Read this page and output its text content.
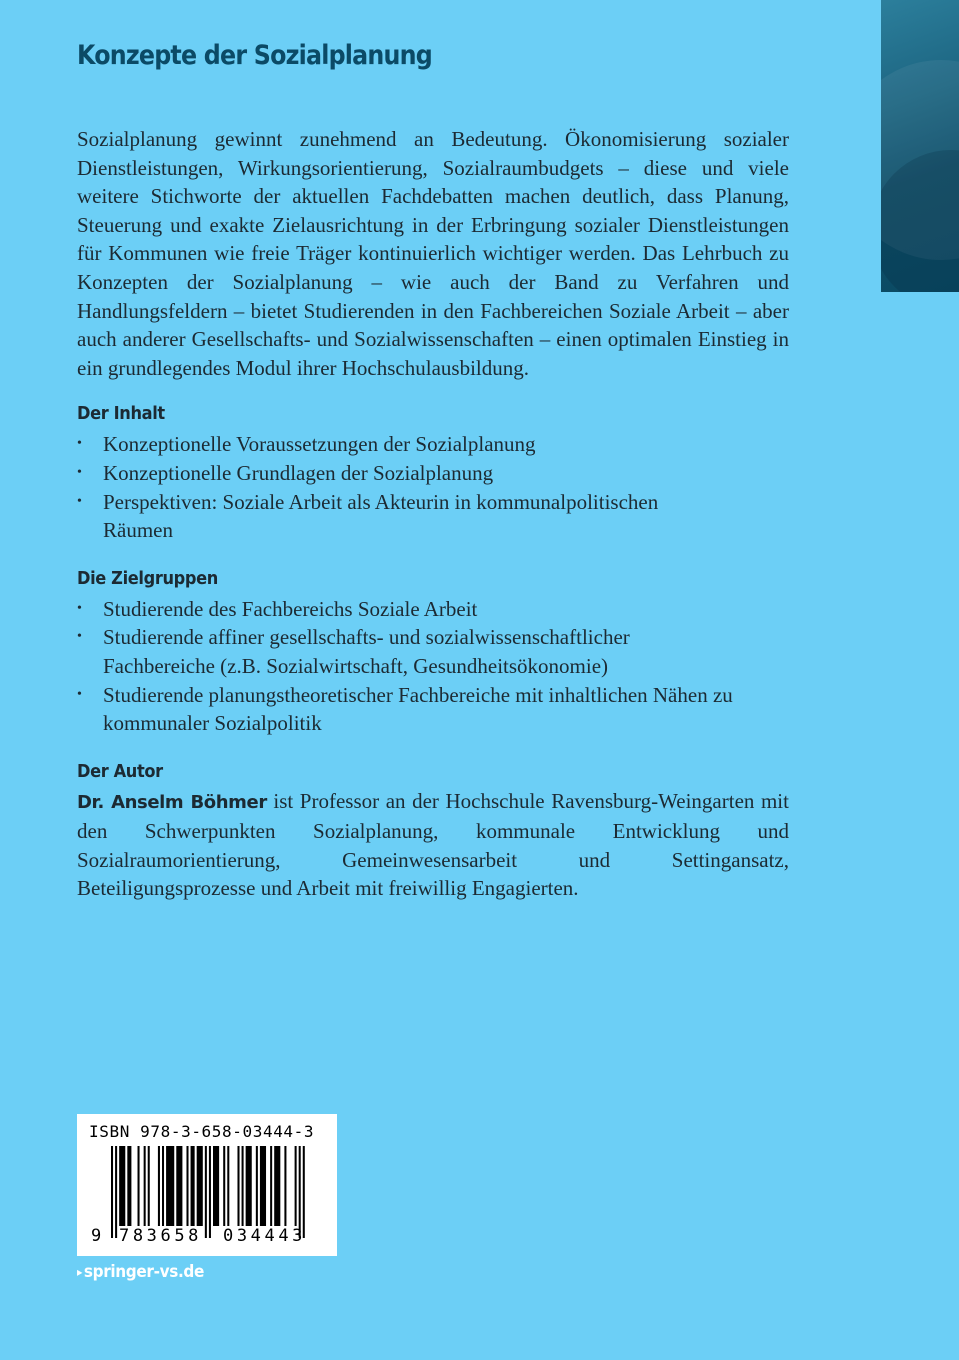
Konzepte der Sozialplanung

Sozialplanung gewinnt zunehmend an Bedeutung. Ökonomisierung sozialer Dienstleistungen, Wirkungsorientierung, Sozialraumbudgets – diese und viele weitere Stichworte der aktuellen Fachdebatten machen deutlich, dass Planung, Steuerung und exakte Zielausrichtung in der Erbringung sozialer Dienstleistungen für Kommunen wie freie Träger kontinuierlich wichtiger werden. Das Lehrbuch zu Konzepten der Sozialplanung – wie auch der Band zu Verfahren und Handlungsfeldern – bietet Studierenden in den Fachbereichen Soziale Arbeit – aber auch anderer Gesellschafts- und Sozialwissenschaften – einen optimalen Einstieg in ein grundlegendes Modul ihrer Hochschulausbildung.

Der Inhalt
• Konzeptionelle Voraussetzungen der Sozialplanung
• Konzeptionelle Grundlagen der Sozialplanung
• Perspektiven: Soziale Arbeit als Akteurin in kommunalpolitischen Räumen
Die Zielgruppen
• Studierende des Fachbereichs Soziale Arbeit
• Studierende affiner gesellschafts- und sozialwissenschaftlicher Fachbereiche (z.B. Sozialwirtschaft, Gesundheitsökonomie)
• Studierende planungstheoretischer Fachbereiche mit inhaltlichen Nähen zu kommunaler Sozialpolitik
Der Autor

Dr. Anselm Böhmer ist Professor an der Hochschule Ravensburg-Weingarten mit den Schwerpunkten Sozialplanung, kommunale Entwicklung und Sozialraumorientierung, Gemeinwesensarbeit und Settingansatz, Beteiligungsprozesse und Arbeit mit freiwillig Engagierten.

ISBN 978-3-658-03444-3
9 783658 034443
▸ springer-vs.de
